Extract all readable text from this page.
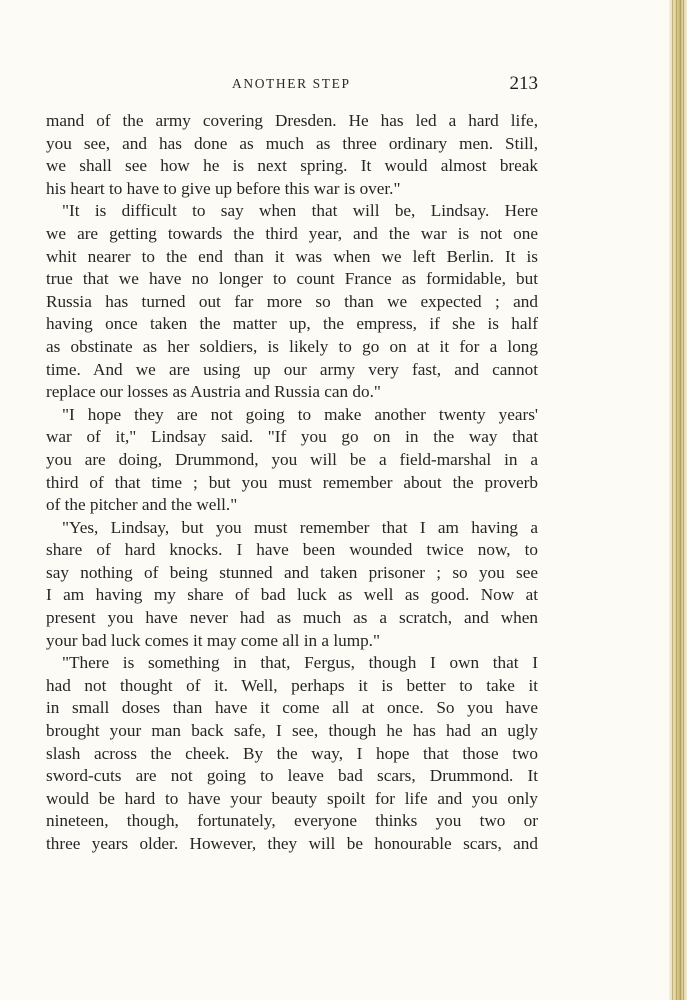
ANOTHER STEP	213
mand of the army covering Dresden. He has led a hard life,
you see, and has done as much as three ordinary men. Still,
we shall see how he is next spring. It would almost break
his heart to have to give up before this war is over."
"It is difficult to say when that will be, Lindsay. Here
we are getting towards the third year, and the war is not one
whit nearer to the end than it was when we left Berlin. It is
true that we have no longer to count France as formidable, but
Russia has turned out far more so than we expected ; and
having once taken the matter up, the empress, if she is half
as obstinate as her soldiers, is likely to go on at it for a long
time. And we are using up our army very fast, and cannot
replace our losses as Austria and Russia can do."
"I hope they are not going to make another twenty years'
war of it," Lindsay said. "If you go on in the way that
you are doing, Drummond, you will be a field-marshal in a
third of that time ; but you must remember about the proverb
of the pitcher and the well."
"Yes, Lindsay, but you must remember that I am having a
share of hard knocks. I have been wounded twice now, to
say nothing of being stunned and taken prisoner ; so you see
I am having my share of bad luck as well as good. Now at
present you have never had as much as a scratch, and when
your bad luck comes it may come all in a lump."
"There is something in that, Fergus, though I own that I
had not thought of it. Well, perhaps it is better to take it
in small doses than have it come all at once. So you have
brought your man back safe, I see, though he has had an ugly
slash across the cheek. By the way, I hope that those two
sword-cuts are not going to leave bad scars, Drummond. It
would be hard to have your beauty spoilt for life and you only
nineteen, though, fortunately, everyone thinks you two or
three years older. However, they will be honourable scars, and
